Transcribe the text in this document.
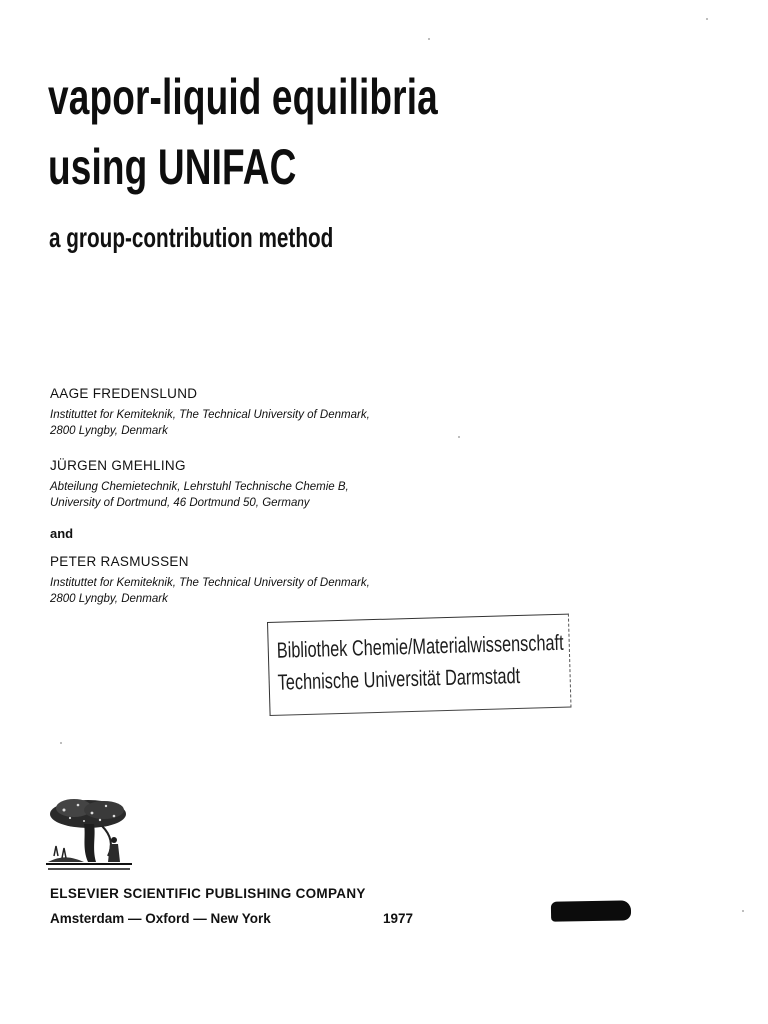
vapor-liquid equilibria
using UNIFAC
a group-contribution method
AAGE FREDENSLUND
Instituttet for Kemiteknik, The Technical University of Denmark,
2800 Lyngby, Denmark
JÜRGEN GMEHLING
Abteilung Chemietechnik, Lehrstuhl Technische Chemie B,
University of Dortmund, 46 Dortmund 50, Germany
and
PETER RASMUSSEN
Instituttet for Kemiteknik, The Technical University of Denmark,
2800 Lyngby, Denmark
Bibliothek Chemie/Materialwissenschaft
Technische Universität Darmstadt
ELSEVIER SCIENTIFIC PUBLISHING COMPANY
Amsterdam — Oxford — New York	1977
